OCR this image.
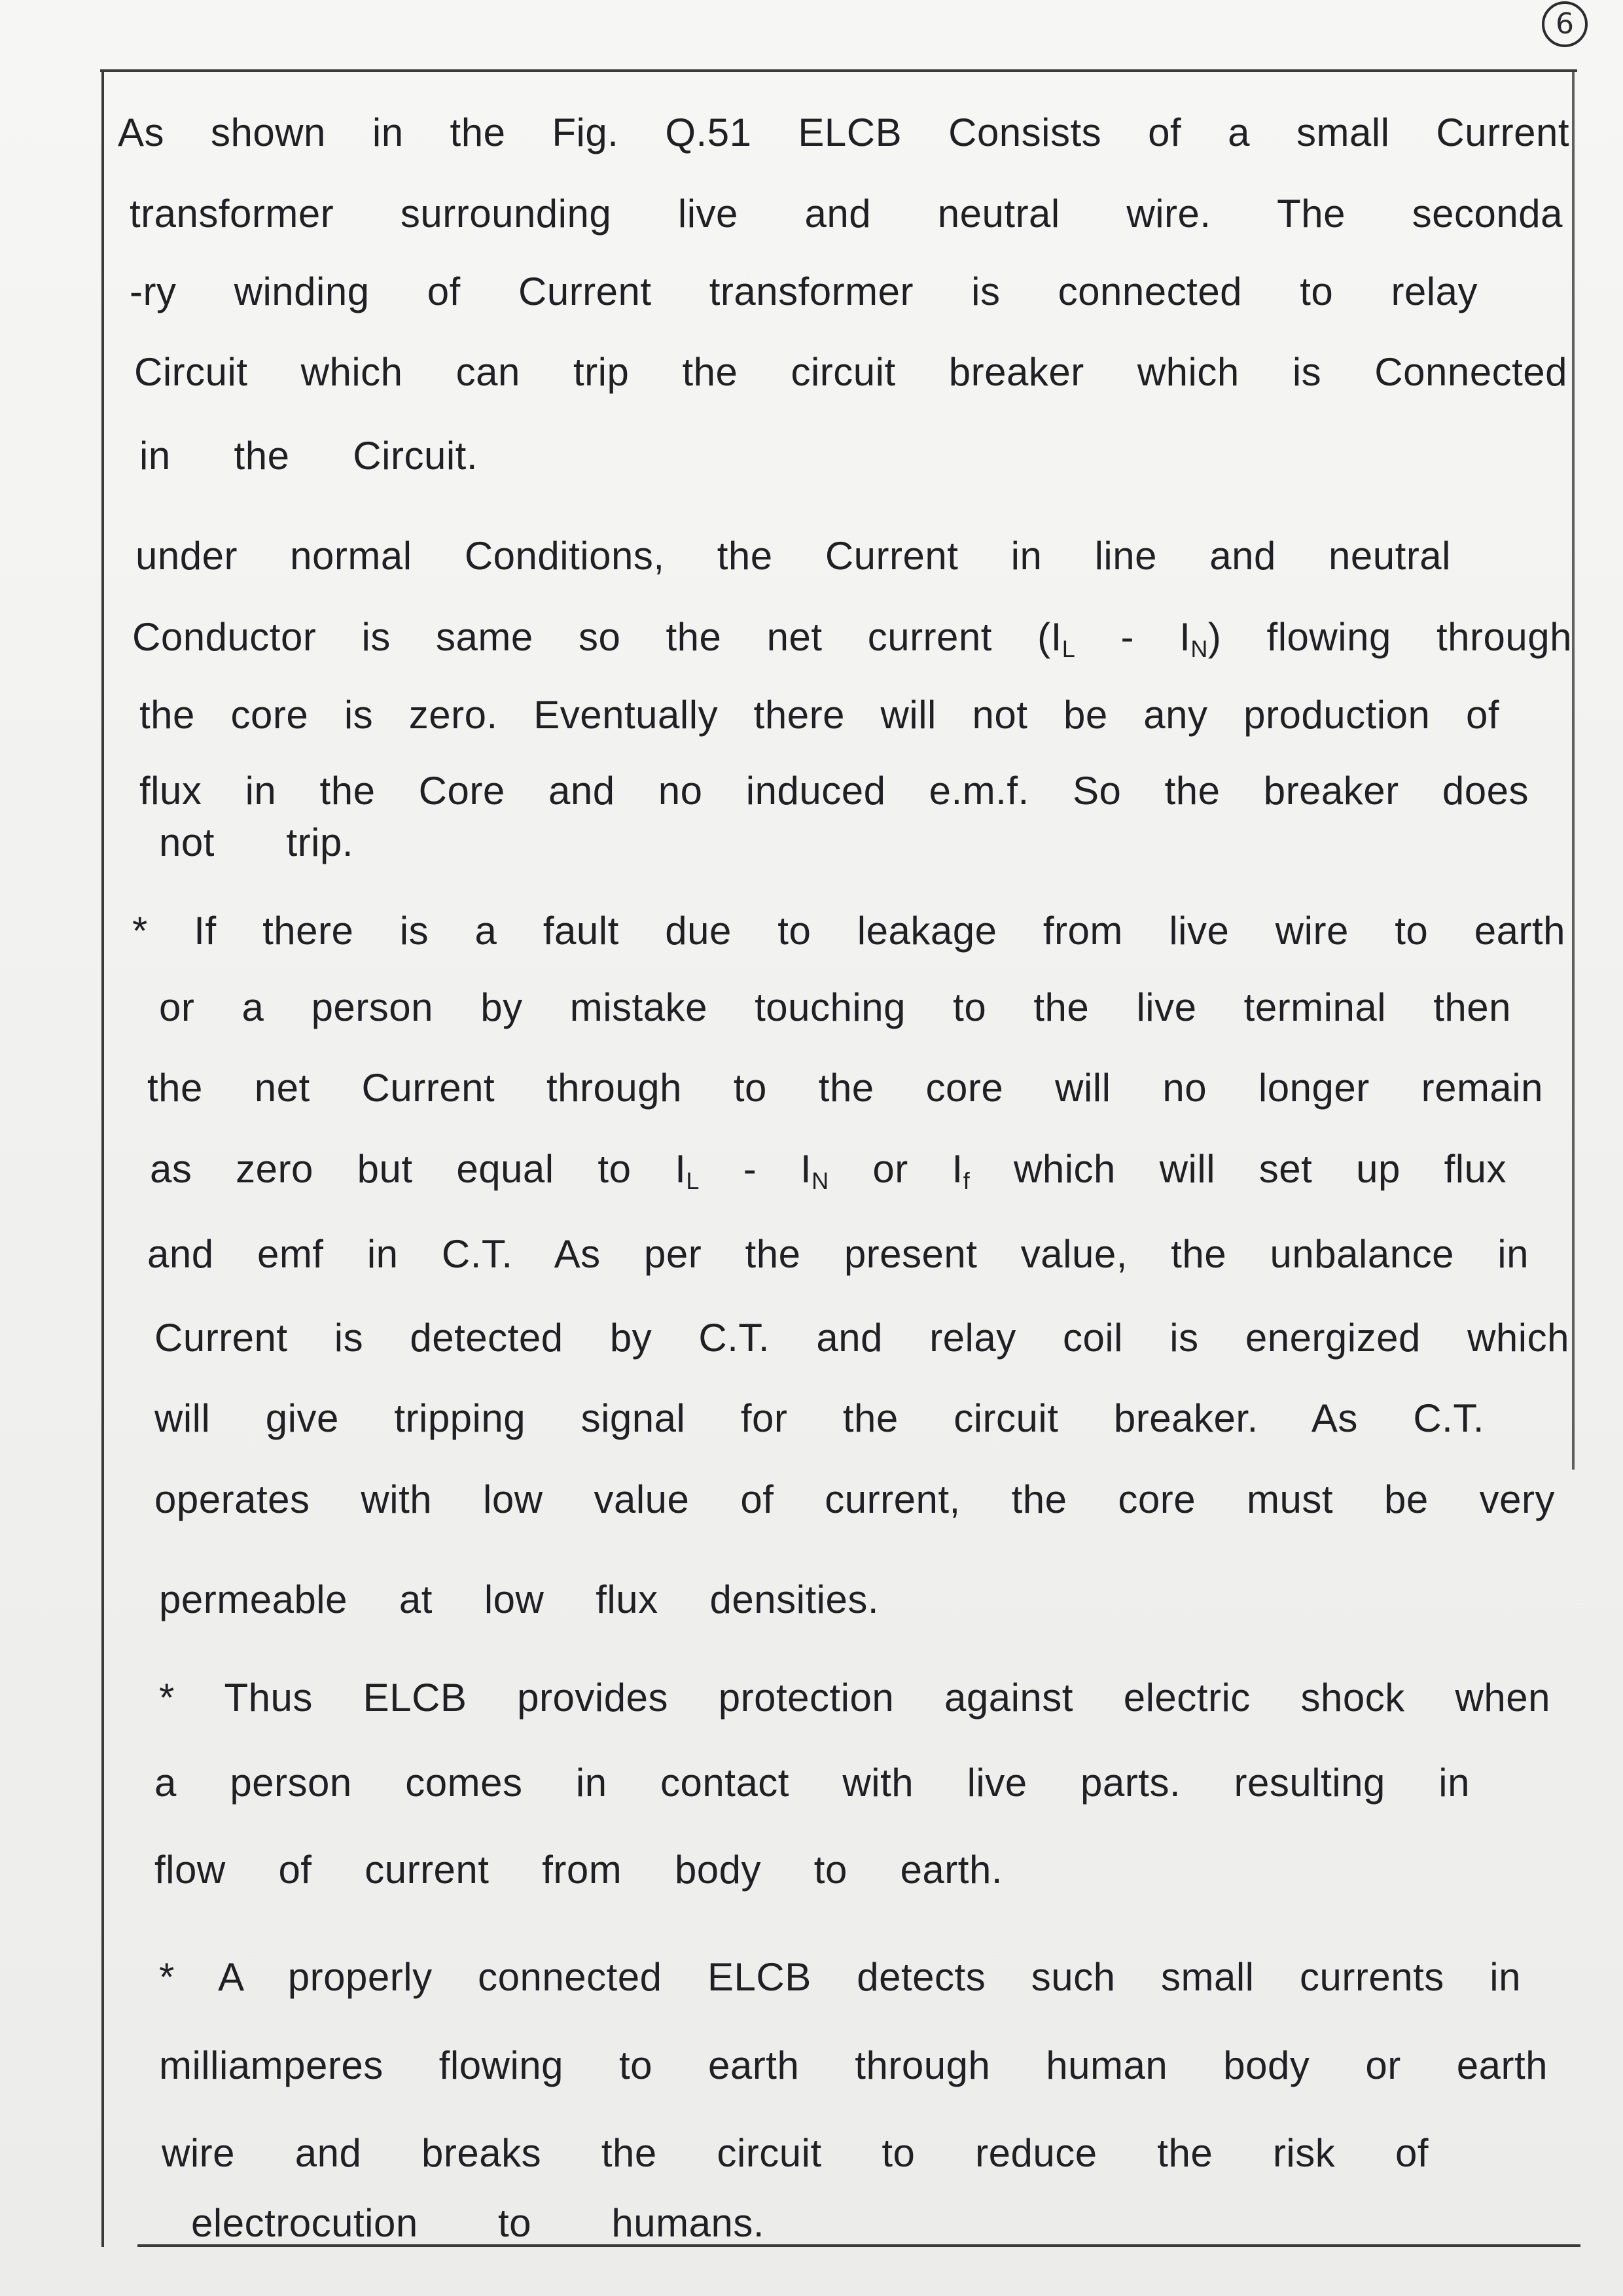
6
As shown in the Fig. Q.51 ELCB Consists of a small Current
transformer surrounding live and neutral wire. The seconda
-ry winding of Current transformer is connected to relay
Circuit which can trip the circuit breaker which is Connected
in the Circuit.
under normal Conditions, the Current in line and neutral
Conductor is same so the net current $(I_L - I_N)$ flowing through
the core is zero. Eventually there will not be any production of
flux in the Core and no induced e.m.f. So the breaker does
not trip.
* If there is a fault due to leakage from live wire to earth
or a person by mistake touching to the live terminal then
the net Current through to the core will no longer remain
as zero but equal to $I_L - I_N$ or $I_f$ which will set up flux
and emf in C.T. As per the present value, the unbalance in
Current is detected by C.T. and relay coil is energized which
will give tripping signal for the circuit breaker. As C.T.
operates with low value of current, the core must be very
permeable at low flux densities.
* Thus ELCB provides protection against electric shock when
a person comes in contact with live parts. resulting in
flow of current from body to earth.
* A properly connected ELCB detects such small currents in
milliamperes flowing to earth through human body or earth
wire and breaks the circuit to reduce the risk of
electrocution to humans.
